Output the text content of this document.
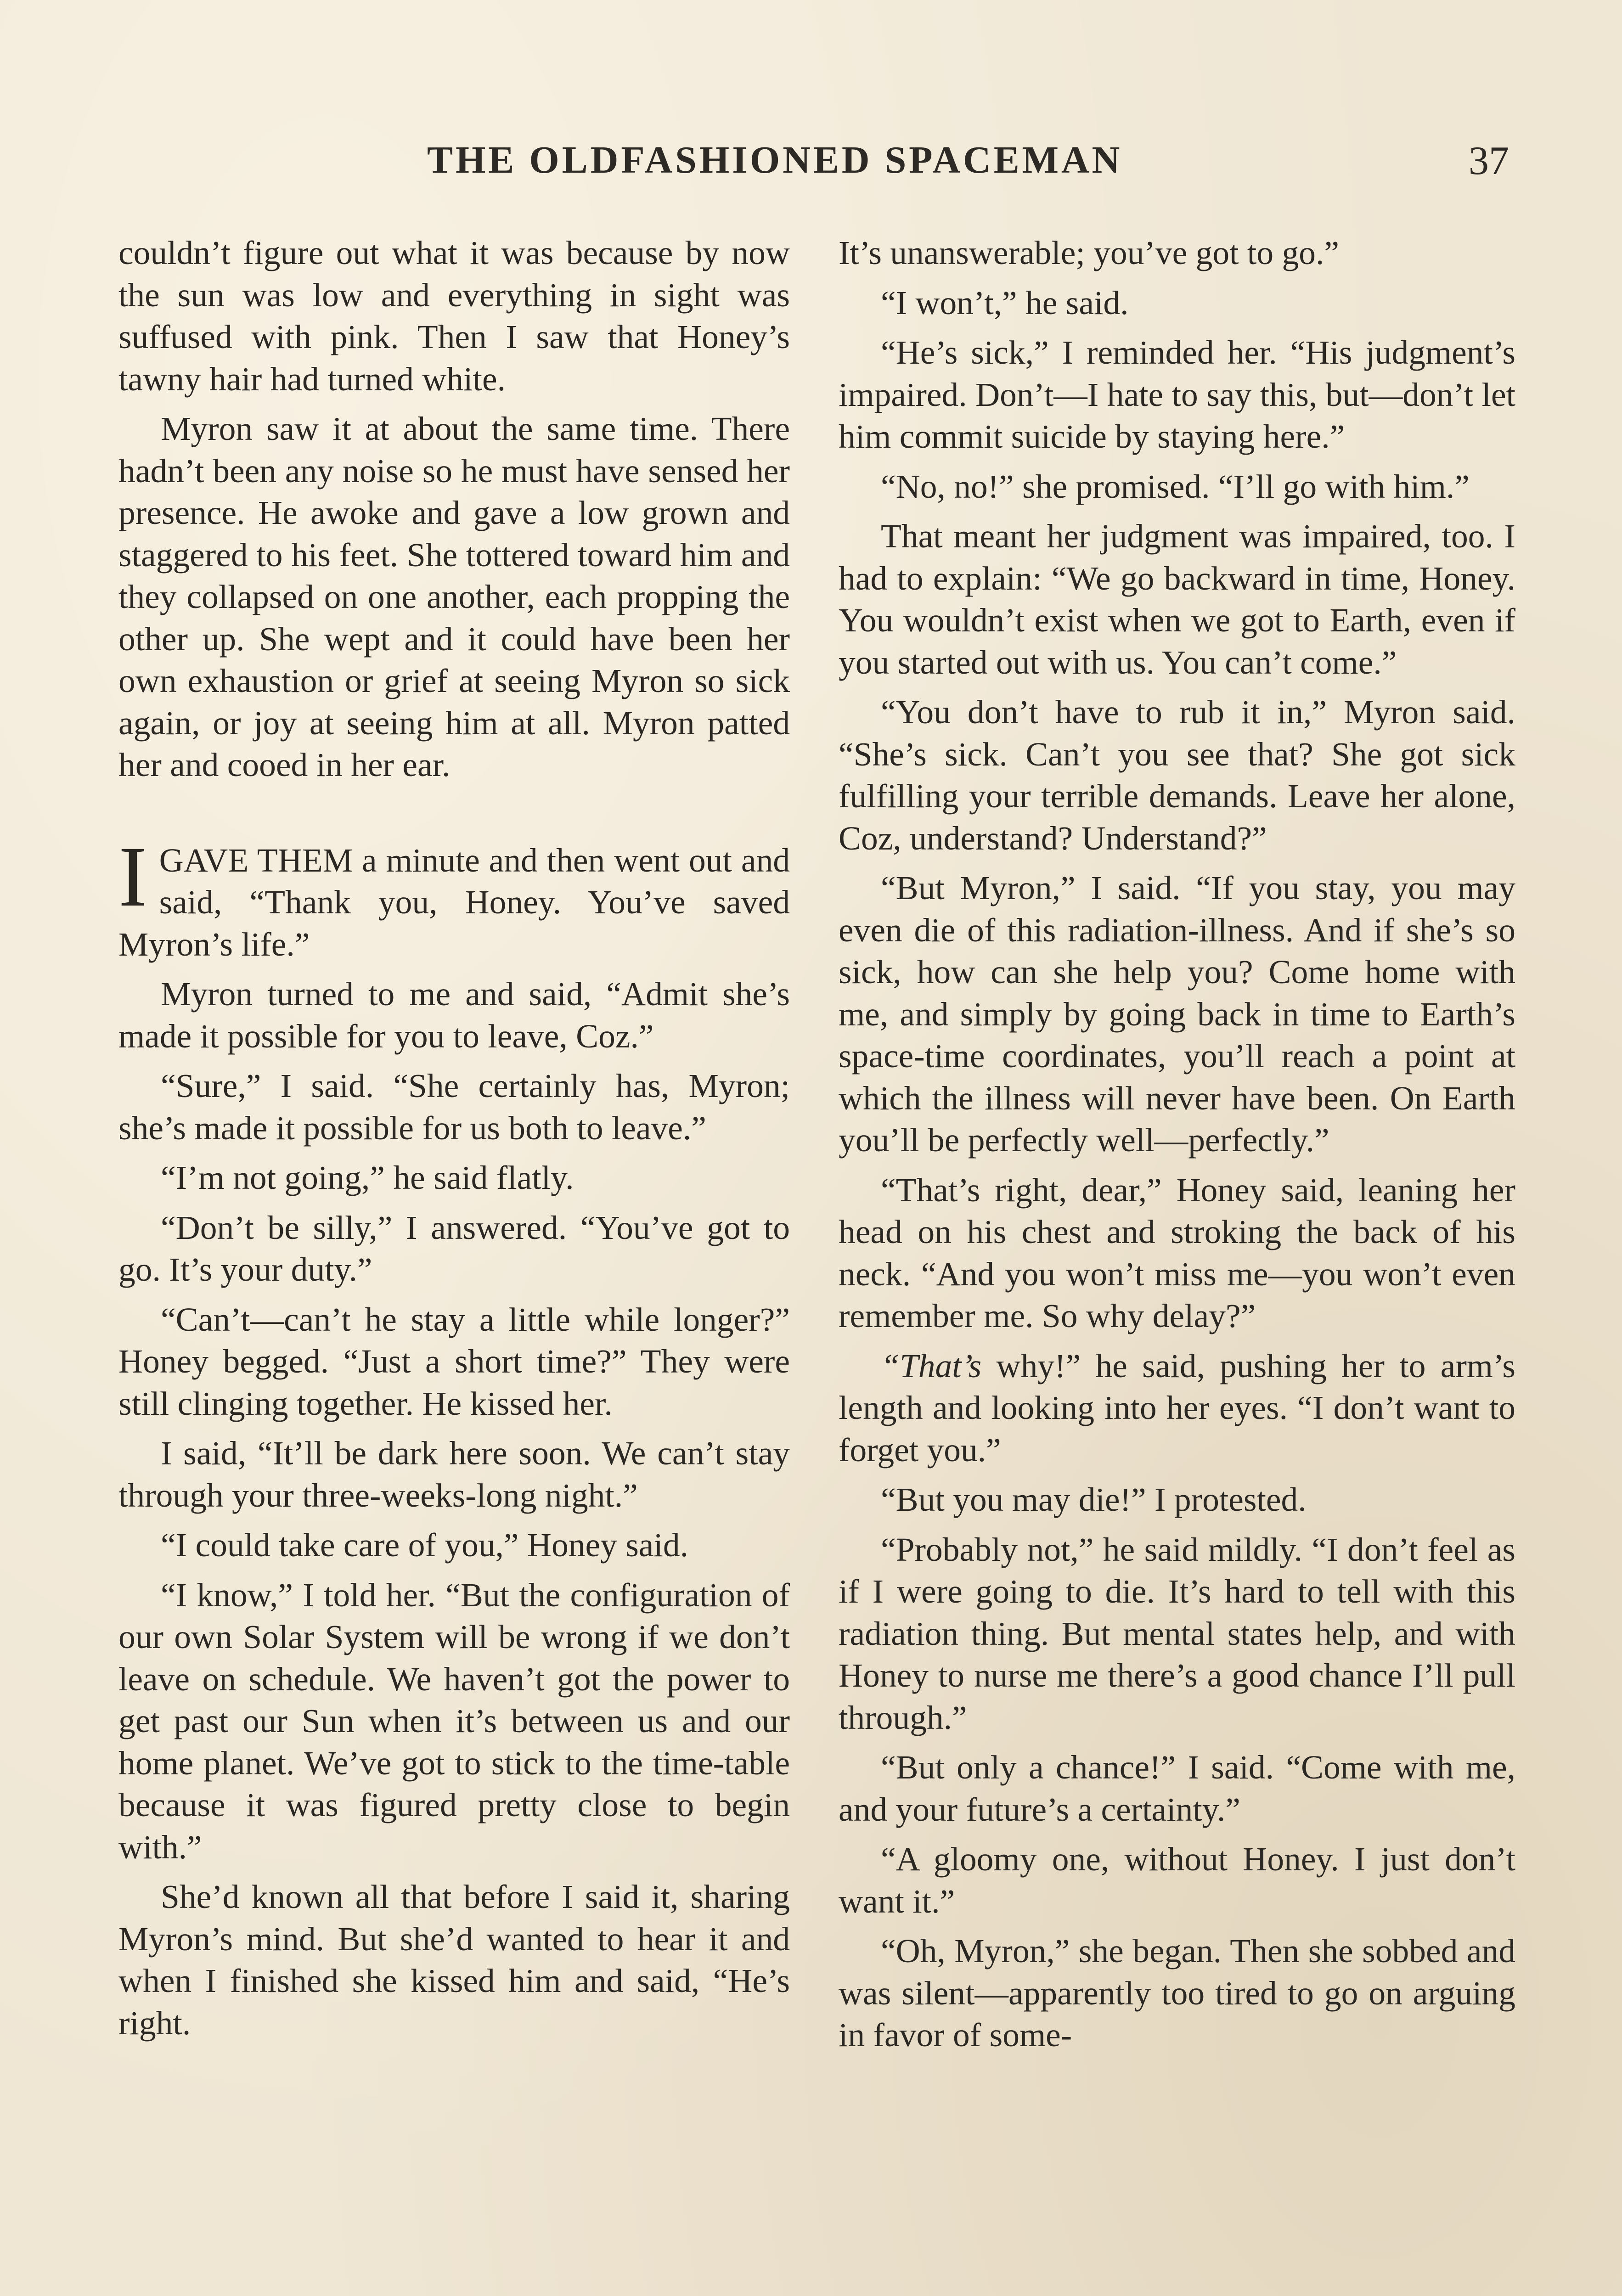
THE OLDFASHIONED SPACEMAN	37

couldn’t figure out what it was because by now the sun was low and everything in sight was suffused with pink. Then I saw that Honey’s tawny hair had turned white.

Myron saw it at about the same time. There hadn’t been any noise so he must have sensed her presence. He awoke and gave a low grown and staggered to his feet. She tottered toward him and they collapsed on one another, each propping the other up. She wept and it could have been her own exhaustion or grief at seeing Myron so sick again, or joy at seeing him at all. Myron patted her and cooed in her ear.

IGAVE THEM a minute and then went out and said, “Thank you, Honey. You’ve saved Myron’s life.”

Myron turned to me and said, “Admit she’s made it possible for you to leave, Coz.”

“Sure,” I said. “She certainly has, Myron; she’s made it possible for us both to leave.”

“I’m not going,” he said flatly.

“Don’t be silly,” I answered. “You’ve got to go. It’s your duty.”

“Can’t—can’t he stay a little while longer?” Honey begged. “Just a short time?” They were still clinging together. He kissed her.

I said, “It’ll be dark here soon. We can’t stay through your three-weeks-long night.”

“I could take care of you,” Honey said.

“I know,” I told her. “But the configuration of our own Solar System will be wrong if we don’t leave on schedule. We haven’t got the power to get past our Sun when it’s between us and our home planet. We’ve got to stick to the time-table because it was figured pretty close to begin with.”

She’d known all that before I said it, sharing Myron’s mind. But she’d wanted to hear it and when I finished she kissed him and said, “He’s right.

It’s unanswerable; you’ve got to go.”

“I won’t,” he said.

“He’s sick,” I reminded her. “His judgment’s impaired. Don’t—I hate to say this, but—don’t let him commit suicide by staying here.”

“No, no!” she promised. “I’ll go with him.”

That meant her judgment was impaired, too. I had to explain: “We go backward in time, Honey. You wouldn’t exist when we got to Earth, even if you started out with us. You can’t come.”

“You don’t have to rub it in,” Myron said. “She’s sick. Can’t you see that? She got sick fulfilling your terrible demands. Leave her alone, Coz, understand? Understand?”

“But Myron,” I said. “If you stay, you may even die of this radiation-illness. And if she’s so sick, how can she help you? Come home with me, and simply by going back in time to Earth’s space-time coordinates, you’ll reach a point at which the illness will never have been. On Earth you’ll be perfectly well—perfectly.”

“That’s right, dear,” Honey said, leaning her head on his chest and stroking the back of his neck. “And you won’t miss me—you won’t even remember me. So why delay?”

“That’s why!” he said, pushing her to arm’s length and looking into her eyes. “I don’t want to forget you.”

“But you may die!” I protested.

“Probably not,” he said mildly. “I don’t feel as if I were going to die. It’s hard to tell with this radiation thing. But mental states help, and with Honey to nurse me there’s a good chance I’ll pull through.”

“But only a chance!” I said. “Come with me, and your future’s a certainty.”

“A gloomy one, without Honey. I just don’t want it.”

“Oh, Myron,” she began. Then she sobbed and was silent—apparently too tired to go on arguing in favor of some-
